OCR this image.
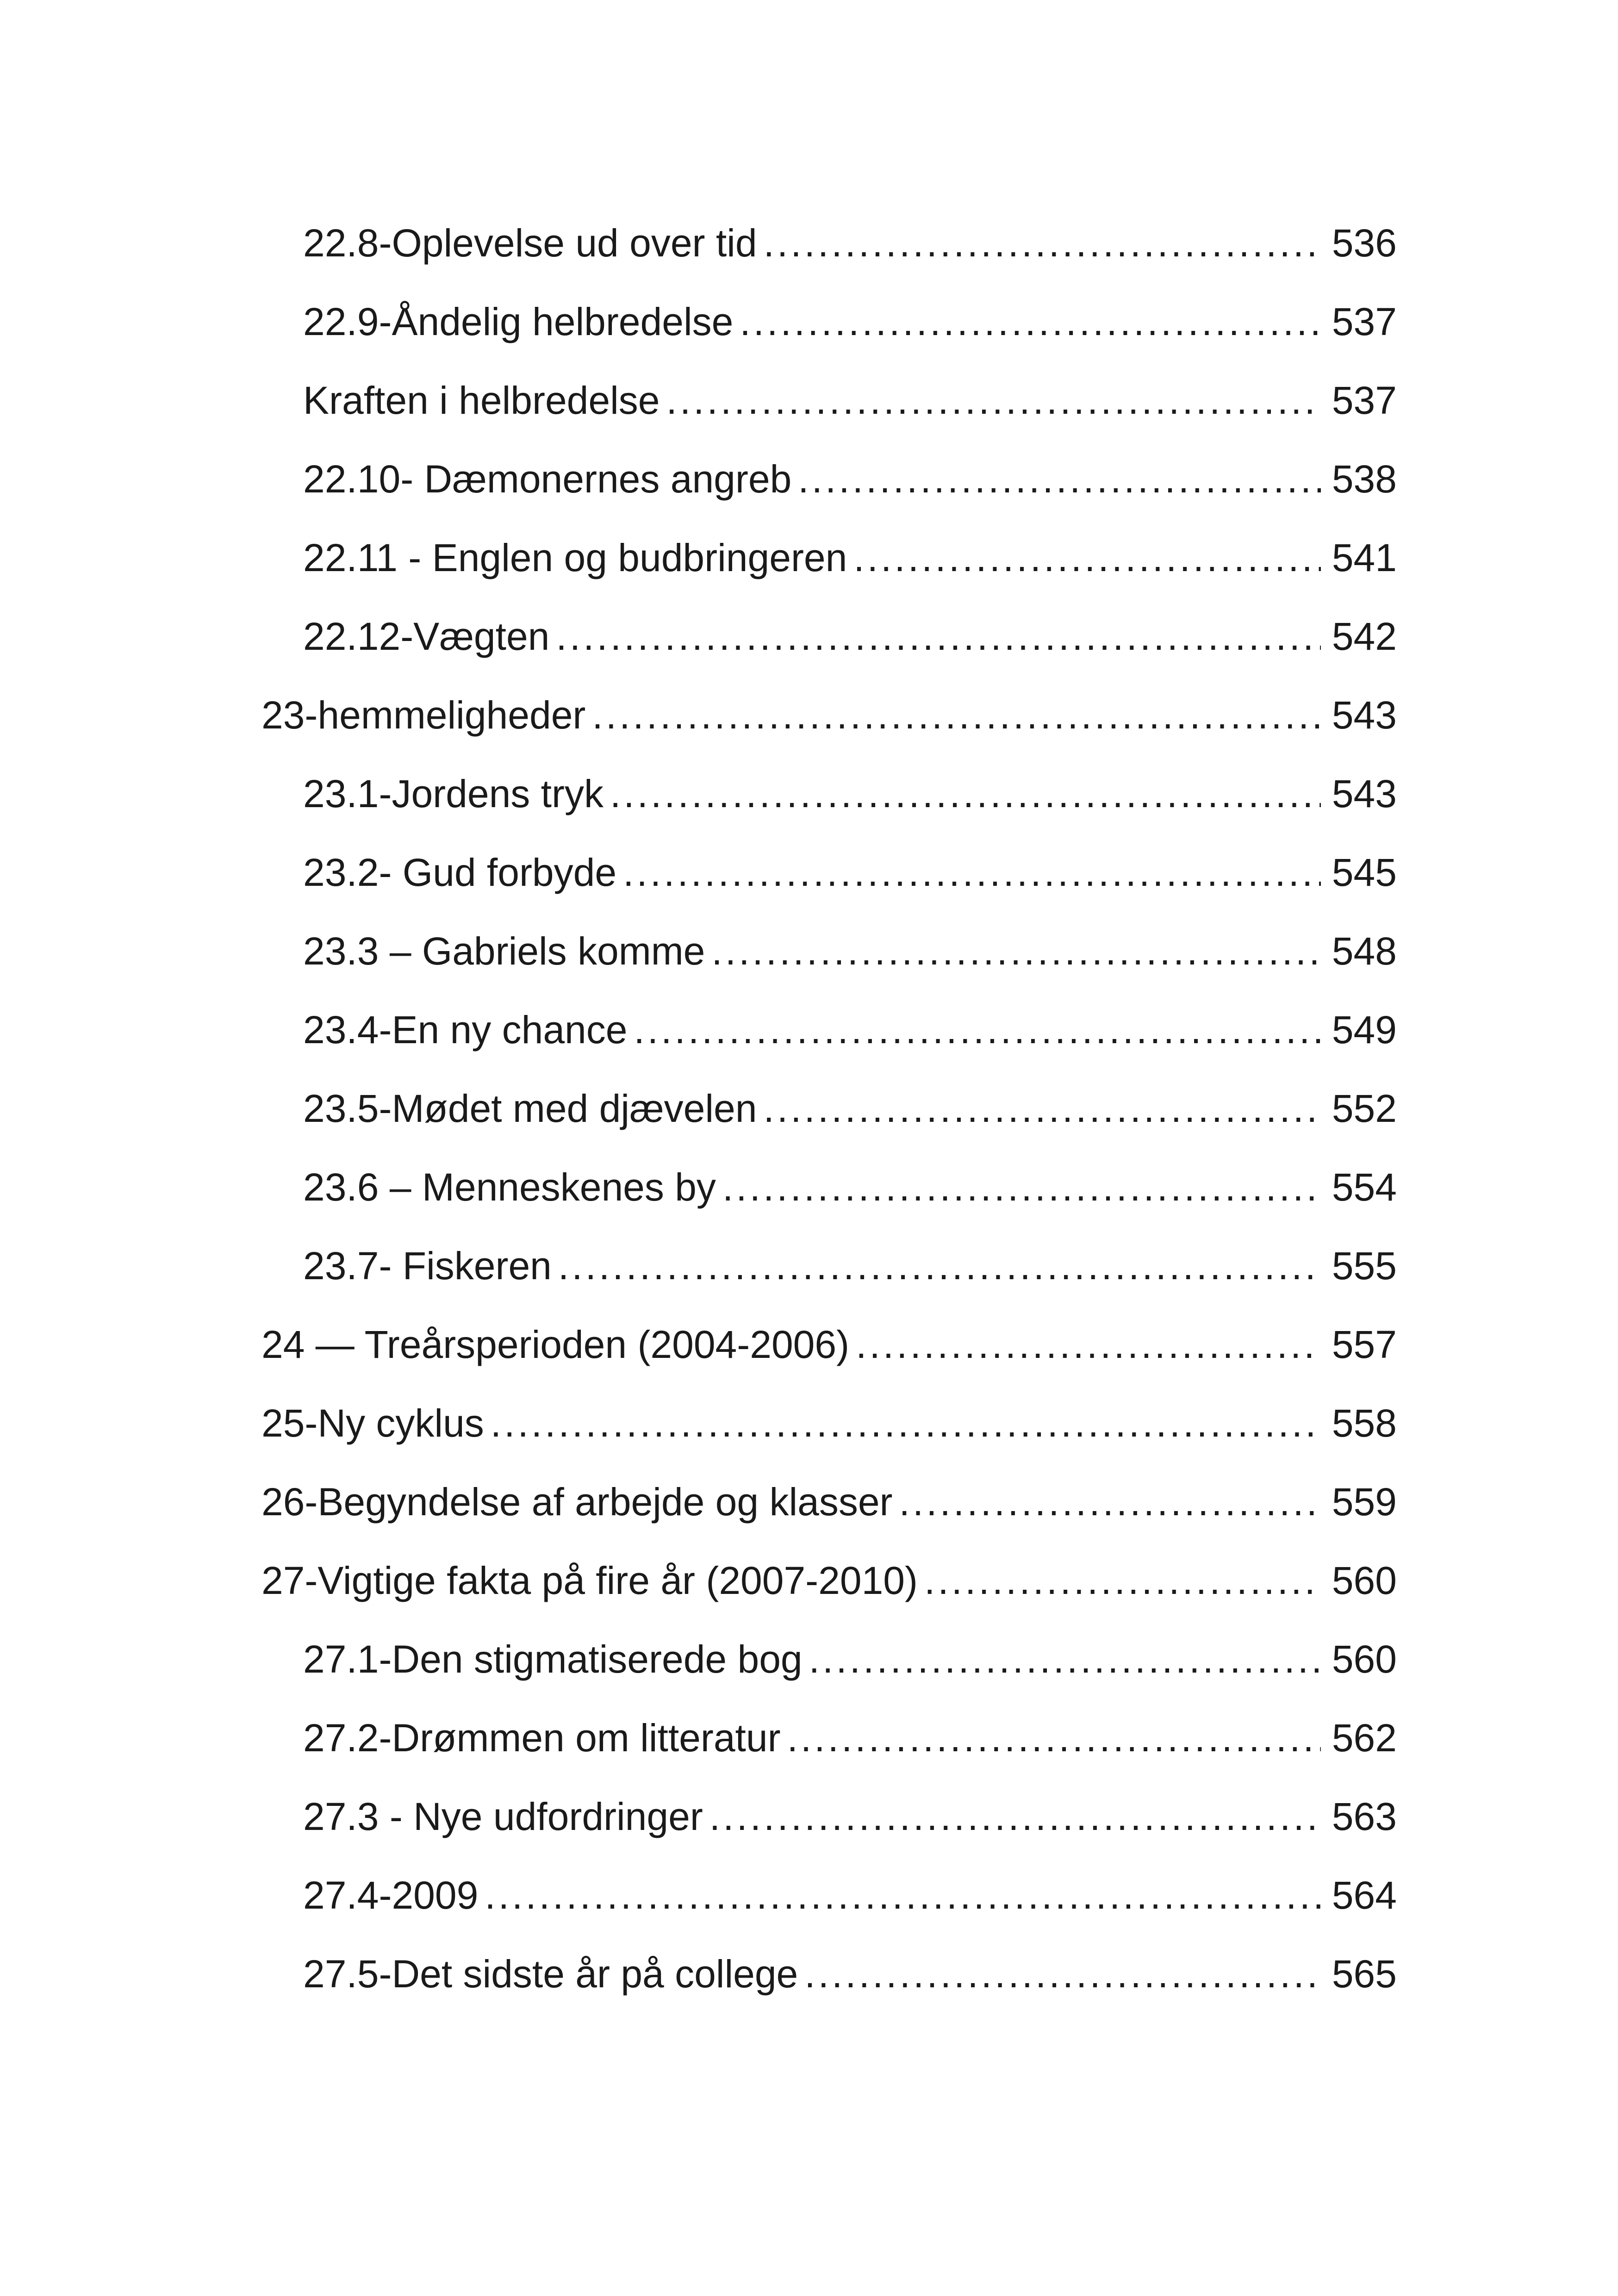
22.8-Oplevelse ud over tid .....	536
22.9-Åndelig helbredelse .....	537
Kraften i helbredelse .....	537
22.10- Dæmonernes angreb .....	538
22.11 - Englen og budbringeren .....	541
22.12-Vægten .....	542
23-hemmeligheder .....	543
23.1-Jordens tryk .....	543
23.2- Gud forbyde .....	545
23.3 – Gabriels komme .....	548
23.4-En ny chance .....	549
23.5-Mødet med djævelen .....	552
23.6 – Menneskenes by .....	554
23.7- Fiskeren .....	555
24 — Treårsperioden (2004-2006) .....	557
25-Ny cyklus .....	558
26-Begyndelse af arbejde og klasser .....	559
27-Vigtige fakta på fire år (2007-2010) .....	560
27.1-Den stigmatiserede bog .....	560
27.2-Drømmen om litteratur .....	562
27.3 - Nye udfordringer .....	563
27.4-2009 .....	564
27.5-Det sidste år på college .....	565
